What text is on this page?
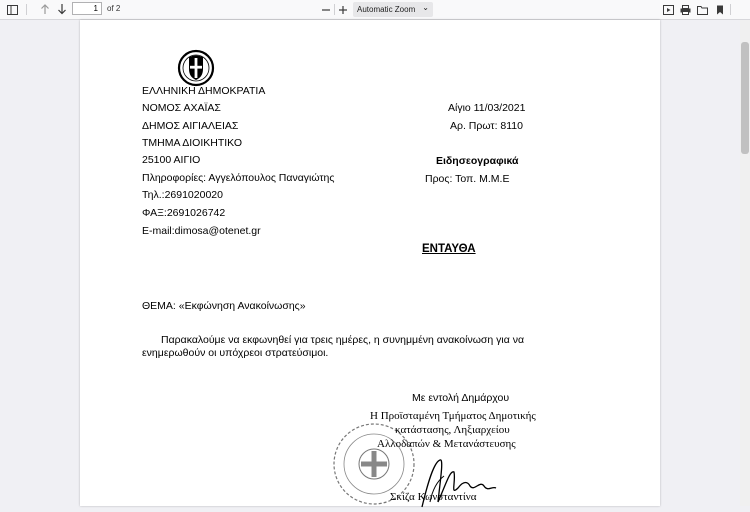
1
of 2	Automatic Zoom ⌄
ΕΛΛΗΝΙΚΗ ΔΗΜΟΚΡΑΤΙΑ
ΝΟΜΟΣ ΑΧΑΪΑΣ
ΔΗΜΟΣ ΑΙΓΙΑΛΕΙΑΣ
ΤΜΗΜΑ ΔΙΟΙΚΗΤΙΚΟ
25100 ΑΙΓΙΟ
Πληροφορίες: Αγγελόπουλος Παναγιώτης
Τηλ.:2691020020
ΦΑΞ:2691026742
E-mail:dimosa@otenet.gr
Αίγιο 11/03/2021
Αρ. Πρωτ: 8110
Ειδησεογραφικά
Προς: Τοπ. Μ.Μ.Ε
ΕΝΤΑΥΘΑ
ΘΕΜΑ: «Εκφώνηση Ανακοίνωσης»
Παρακαλούμε να εκφωνηθεί για τρεις ημέρες, η συνημμένη ανακοίνωση για να
ενημερωθούν οι υπόχρεοι στρατεύσιμοι.
Με εντολή Δημάρχου
Η Προϊσταμένη Τμήματος Δημοτικής
κατάστασης, Ληξιαρχείου
Αλλοδαπών & Μετανάστευσης
Σκίζα Κωνσταντίνα
